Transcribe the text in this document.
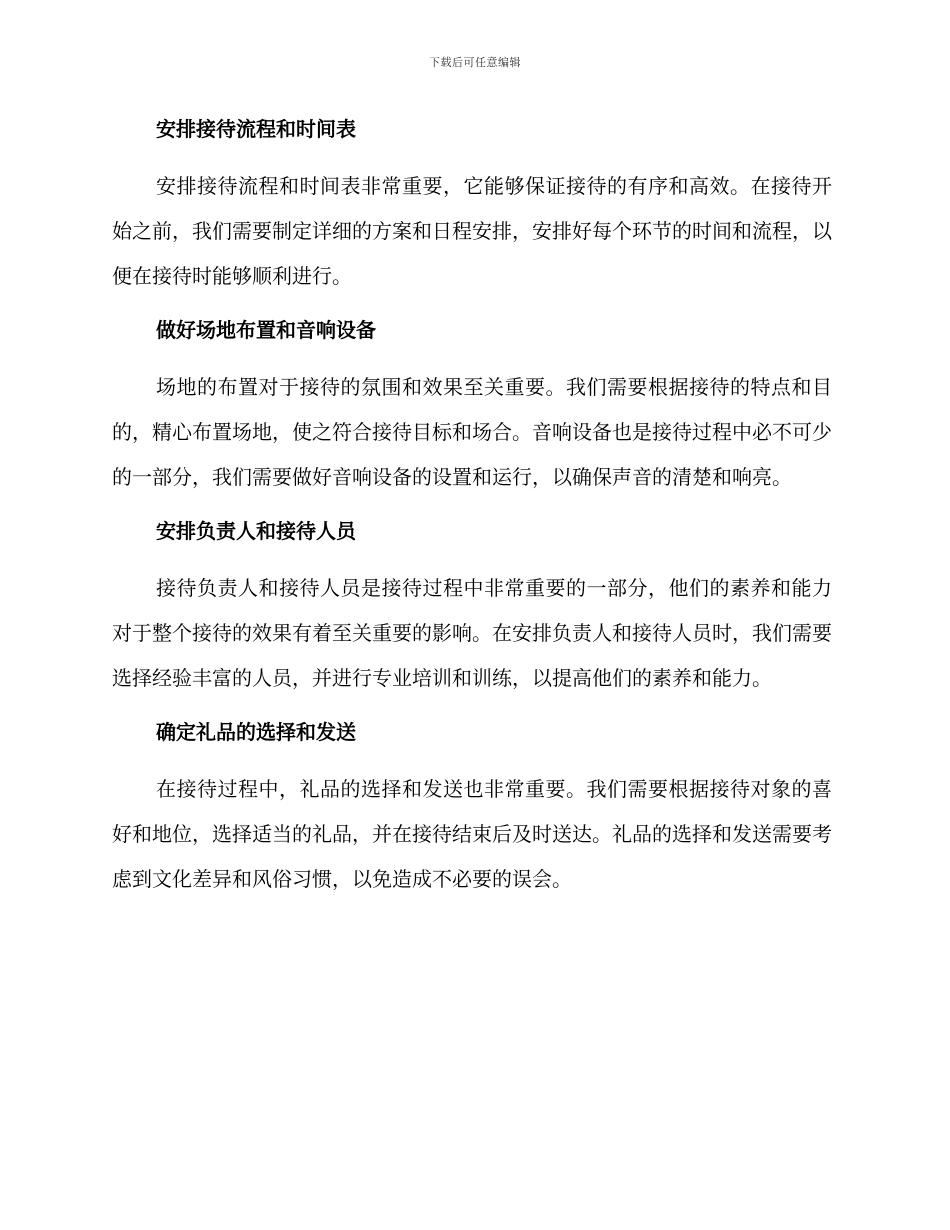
下载后可任意编辑
安排接待流程和时间表

安排接待流程和时间表非常重要，它能够保证接待的有序和高效。在接待开始之前，我们需要制定详细的方案和日程安排，安排好每个环节的时间和流程，以便在接待时能够顺利进行。

做好场地布置和音响设备

场地的布置对于接待的氛围和效果至关重要。我们需要根据接待的特点和目的，精心布置场地，使之符合接待目标和场合。音响设备也是接待过程中必不可少的一部分，我们需要做好音响设备的设置和运行，以确保声音的清楚和响亮。

安排负责人和接待人员

接待负责人和接待人员是接待过程中非常重要的一部分，他们的素养和能力对于整个接待的效果有着至关重要的影响。在安排负责人和接待人员时，我们需要选择经验丰富的人员，并进行专业培训和训练，以提高他们的素养和能力。

确定礼品的选择和发送

在接待过程中，礼品的选择和发送也非常重要。我们需要根据接待对象的喜好和地位，选择适当的礼品，并在接待结束后及时送达。礼品的选择和发送需要考虑到文化差异和风俗习惯，以免造成不必要的误会。
